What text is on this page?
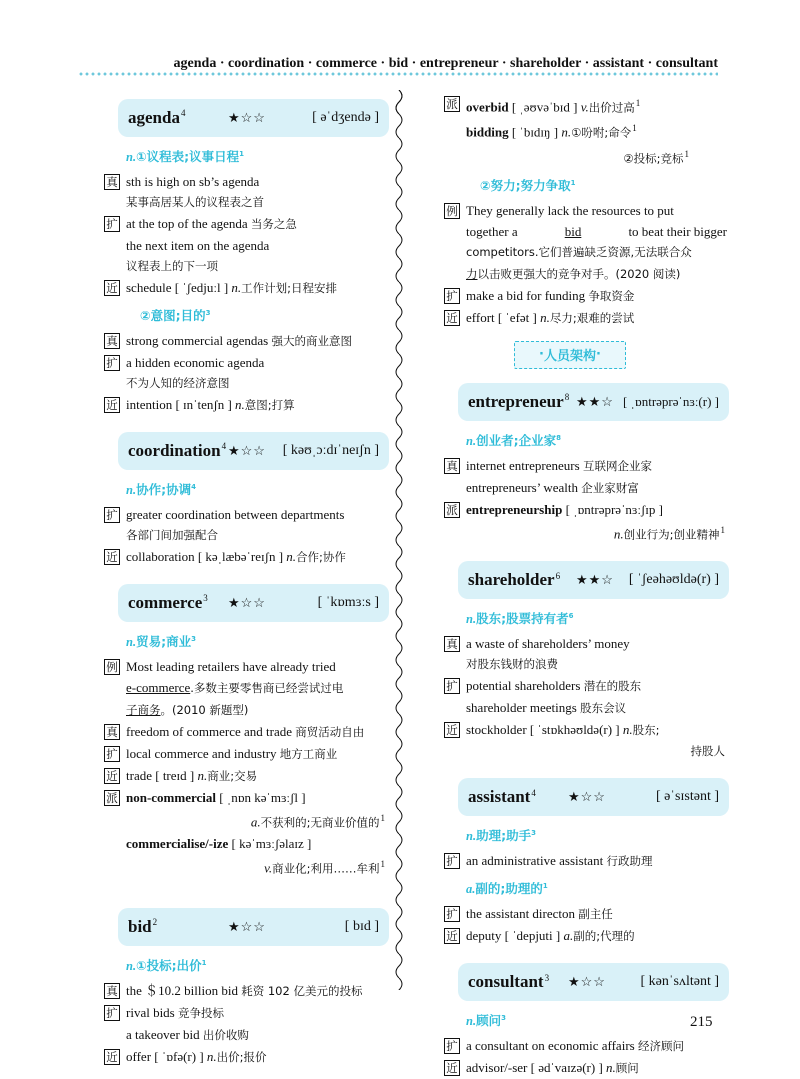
agenda · coordination · commerce · bid · entrepreneur · shareholder · assistant · consultant
agenda$^4$	★☆☆	[ əˈdʒendə ]
n.①议程表;议事日程$^1$
真 sth is high on sb’s agenda
某事高居某人的议程表之首
扩 at the top of the agenda 当务之急
the next item on the agenda
议程表上的下一项
近 schedule [ ˈʃedjuːl ] n.工作计划;日程安排
②意图;目的$^3$
真 strong commercial agendas 强大的商业意图
扩 a hidden economic agenda
不为人知的经济意图
近 intention [ ɪnˈtenʃn ] n.意图;打算
coordination$^4$ ★☆☆ [ kəʊˌɔːdɪˈneɪʃn ]
n.协作;协调$^4$
扩 greater coordination between departments
各部门间加强配合
近 collaboration [ kəˌlæbəˈreɪʃn ] n.合作;协作
commerce$^3$ ★☆☆	[ ˈkɒmɜːs ]
n.贸易;商业$^3$
例 Most leading retailers have already tried
e-commerce.多数主要零售商已经尝试过电
子商务。(2010 新题型)
真 freedom of commerce and trade 商贸活动自由
扩 local commerce and industry 地方工商业
近 trade [ treɪd ] n.商业;交易
派 non-commercial [ ˌnɒn kəˈmɜːʃl ]
a.不获利的;无商业价值的$^1$
commercialise/-ize [ kəˈmɜːʃəlaɪz ]
v.商业化;利用……牟利$^1$
bid$^2$	★☆☆	[ bɪd ]
n.①投标;出价$^1$
真 the ＄10.2 billion bid 耗资 102 亿美元的投标
扩 rival bids 竞争投标
a takeover bid 出价收购
近 offer [ ˈɒfə(r) ] n.出价;报价
派 overbid [ ˌəʊvəˈbɪd ] v.出价过高$^1$
bidding [ ˈbɪdɪŋ ] n.①吩咐;命令$^1$
②投标;竞标$^1$
②努力;努力争取$^1$
例 They generally lack the resources to put
together a	bid	to beat their bigger
competitors.它们普遍缺乏资源,无法联合众
力以击败更强大的竞争对手。(2020 阅读)
扩 make a bid for funding 争取资金
近 effort [ ˈefət ] n.尽力;艰难的尝试
· 人员架构 ·
entrepreneur$^8$ ★★☆ [ ˌɒntrəprəˈnɜː(r) ]
n.创业者;企业家$^8$
真 internet entrepreneurs 互联网企业家
entrepreneurs’ wealth 企业家财富
派 entrepreneurship [ ˌɒntrəprəˈnɜːʃɪp ]
n.创业行为;创业精神$^1$
shareholder$^6$ ★★☆ [ ˈʃeəhəʊldə(r) ]
n.股东;股票持有者$^6$
真 a waste of shareholders’ money
对股东钱财的浪费
扩 potential shareholders 潜在的股东
shareholder meetings 股东会议
近 stockholder [ ˈstɒkhəʊldə(r) ] n.股东;
持股人
assistant$^4$ ★☆☆	[ əˈsɪstənt ]
n.助理;助手$^3$
扩 an administrative assistant 行政助理
a.副的;助理的$^1$
扩 the assistant directon 副主任
近 deputy [ ˈdepjuti ] a.副的;代理的
consultant$^3$ ★☆☆ [ kənˈsʌltənt ]
n.顾问$^3$
扩 a consultant on economic affairs 经济顾问
近 advisor/-ser [ ədˈvaɪzə(r) ] n.顾问
215
